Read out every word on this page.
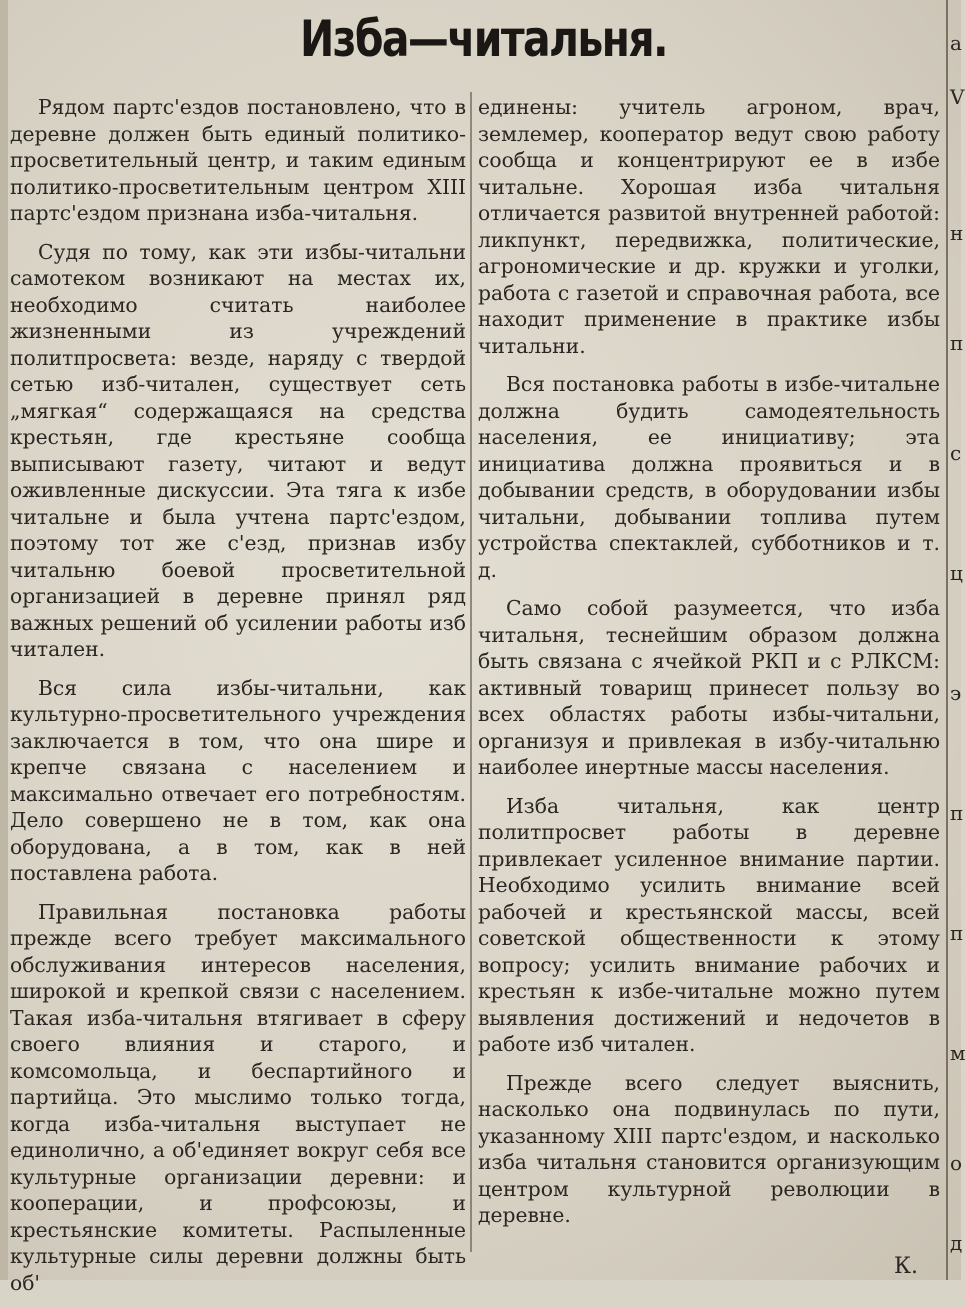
Изба—читальня.

Рядом партс'ездов постановлено, что в деревне должен быть единый политико-просветительный центр, и таким единым политико-просветительным центром XIII партс'ездом признана изба-читальня.

Судя по тому, как эти избы-читальни самотеком возникают на местах их, необходимо считать наиболее жизненными из учреждений политпросвета: везде, наряду с твердой сетью изб-читален, существует сеть „мягкая“ содержащаяся на средства крестьян, где крестьяне сообща выписывают газету, читают и ведут оживленные дискуссии. Эта тяга к избе читальне и была учтена партс'ездом, поэтому тот же с'езд, признав избу читальню боевой просветительной организацией в деревне принял ряд важных решений об усилении работы изб читален.

Вся сила избы-читальни, как культурно-просветительного учреждения заключается в том, что она шире и крепче связана с населением и максимально отвечает его потребностям. Дело совершено не в том, как она оборудована, а в том, как в ней поставлена работа.

Правильная постановка работы прежде всего требует максимального обслуживания интересов населения, широкой и крепкой связи с населением. Такая изба-читальня втягивает в сферу своего влияния и старого, и комсомольца, и беспартийного и партийца. Это мыслимо только тогда, когда изба-читальня выступает не единолично, а об'единяет вокруг себя все культурные организации деревни: и кооперации, и профсоюзы, и крестьянские комитеты. Распыленные культурные силы деревни должны быть об'

единены: учитель агроном, врач, землемер, кооператор ведут свою работу сообща и концентрируют ее в избе читальне. Хорошая изба читальня отличается развитой внутренней работой: ликпункт, передвижка, политические, агрономические и др. кружки и уголки, работа с газетой и справочная работа, все находит применение в практике избы читальни.

Вся постановка работы в избе-читальне должна будить самодеятельность населения, ее инициативу; эта инициатива должна проявиться и в добывании средств, в оборудовании избы читальни, добывании топлива путем устройства спектаклей, субботников и т. д.

Само собой разумеется, что изба читальня, теснейшим образом должна быть связана с ячейкой РКП и с РЛКСМ: активный товарищ принесет пользу во всех областях работы избы-читальни, организуя и привлекая в избу-читальню наиболее инертные массы населения.

Изба читальня, как центр политпросвет работы в деревне привлекает усиленное внимание партии. Необходимо усилить внимание всей рабочей и крестьянской массы, всей советской общественности к этому вопросу; усилить внимание рабочих и крестьян к избе-читальне можно путем выявления достижений и недочетов в работе изб читален.

Прежде всего следует выяснить, насколько она подвинулась по пути, указанному XIII партс'ездом, и насколько изба читальня становится организующим центром культурной революции в деревне.

К.
а
V
н
п
с
ц
э
п
п
м
о
д
